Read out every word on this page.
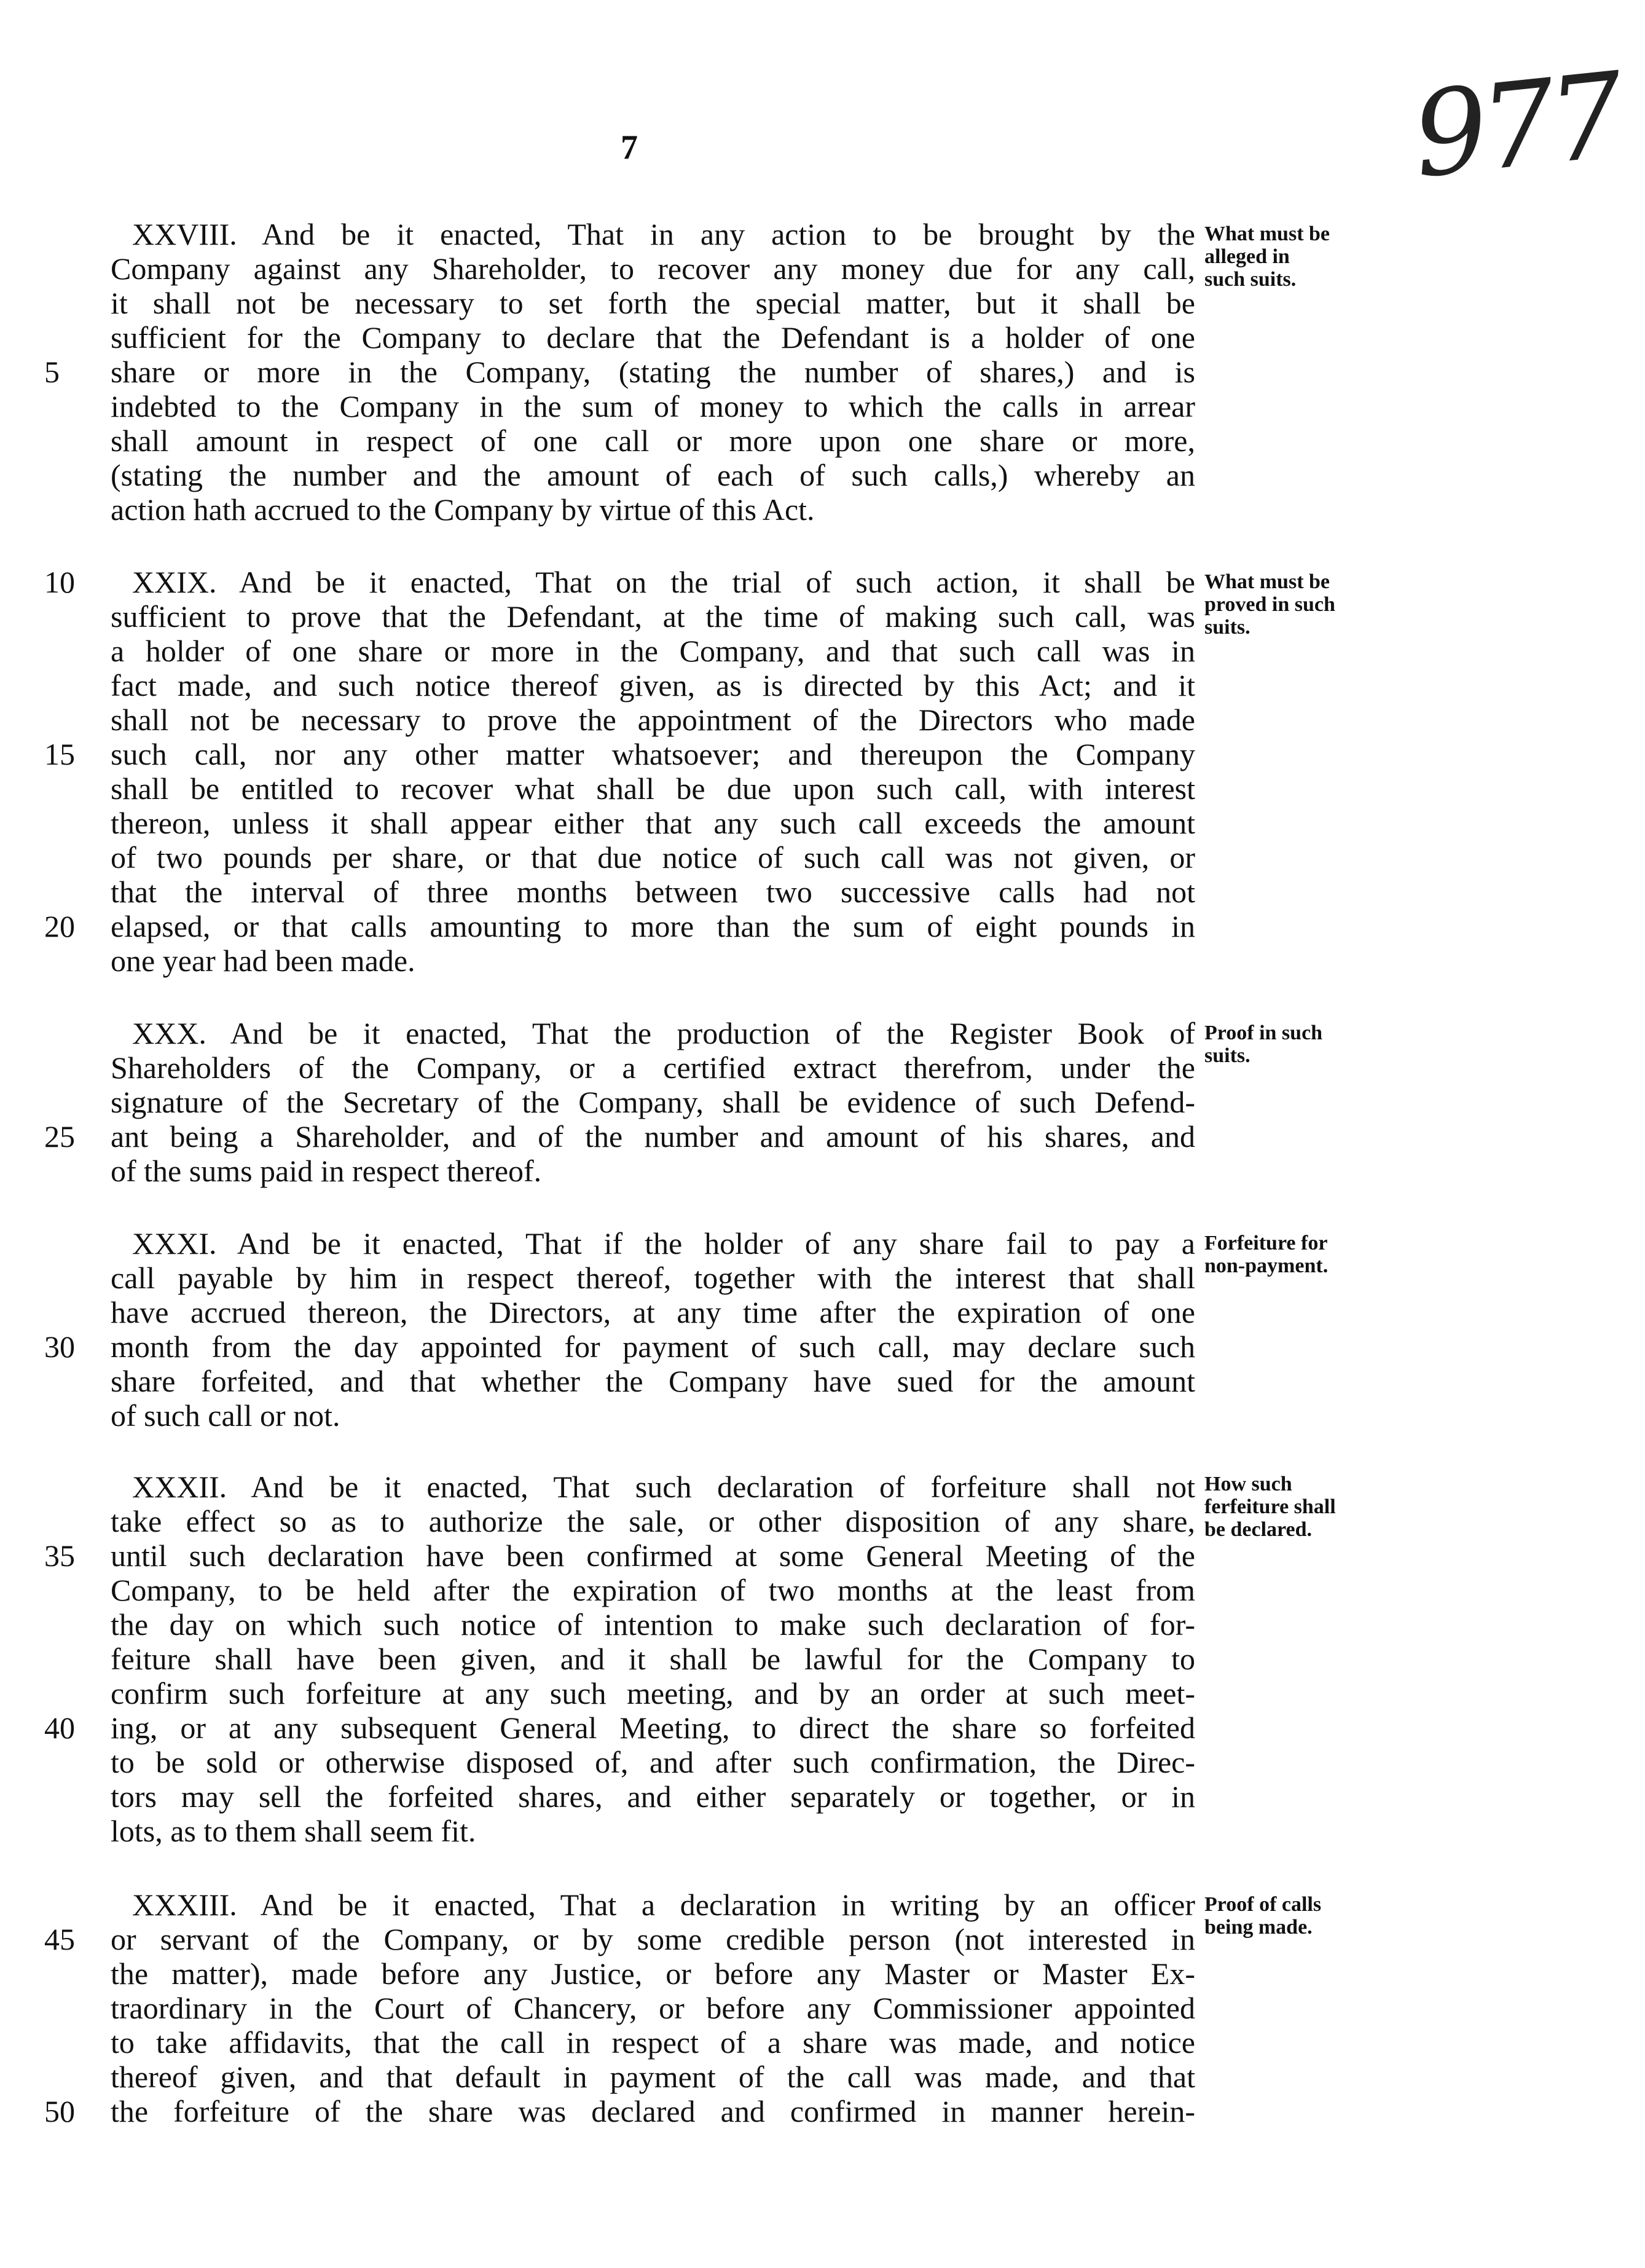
7	977
What must be
alleged in
such suits.
XXVIII. And be it enacted, That in any action to be brought by the
Company against any Shareholder, to recover any money due for any call,
it shall not be necessary to set forth the special matter, but it shall be
sufficient for the Company to declare that the Defendant is a holder of one
5	share or more in the Company, (stating the number of shares,) and is
indebted to the Company in the sum of money to which the calls in arrear
shall amount in respect of one call or more upon one share or more,
(stating the number and the amount of each of such calls,) whereby an
action hath accrued to the Company by virtue of this Act.
What must be
proved in such
suits.
10	XXIX. And be it enacted, That on the trial of such action, it shall be
sufficient to prove that the Defendant, at the time of making such call, was
a holder of one share or more in the Company, and that such call was in
fact made, and such notice thereof given, as is directed by this Act; and it
shall not be necessary to prove the appointment of the Directors who made
15	such call, nor any other matter whatsoever; and thereupon the Company
shall be entitled to recover what shall be due upon such call, with interest
thereon, unless it shall appear either that any such call exceeds the amount
of two pounds per share, or that due notice of such call was not given, or
that the interval of three months between two successive calls had not
20	elapsed, or that calls amounting to more than the sum of eight pounds in
one year had been made.
Proof in such
suits.
XXX. And be it enacted, That the production of the Register Book of
Shareholders of the Company, or a certified extract therefrom, under the
signature of the Secretary of the Company, shall be evidence of such Defend-
25	ant being a Shareholder, and of the number and amount of his shares, and
of the sums paid in respect thereof.
Forfeiture for
non-payment.
XXXI. And be it enacted, That if the holder of any share fail to pay a
call payable by him in respect thereof, together with the interest that shall
have accrued thereon, the Directors, at any time after the expiration of one
30	month from the day appointed for payment of such call, may declare such
share forfeited, and that whether the Company have sued for the amount
of such call or not.
How such
ferfeiture shall
be declared.
XXXII. And be it enacted, That such declaration of forfeiture shall not
take effect so as to authorize the sale, or other disposition of any share,
35	until such declaration have been confirmed at some General Meeting of the
Company, to be held after the expiration of two months at the least from
the day on which such notice of intention to make such declaration of for-
feiture shall have been given, and it shall be lawful for the Company to
confirm such forfeiture at any such meeting, and by an order at such meet-
40	ing, or at any subsequent General Meeting, to direct the share so forfeited
to be sold or otherwise disposed of, and after such confirmation, the Direc-
tors may sell the forfeited shares, and either separately or together, or in
lots, as to them shall seem fit.
Proof of calls
being made.
XXXIII. And be it enacted, That a declaration in writing by an officer
45	or servant of the Company, or by some credible person (not interested in
the matter), made before any Justice, or before any Master or Master Ex-
traordinary in the Court of Chancery, or before any Commissioner appointed
to take affidavits, that the call in respect of a share was made, and notice
thereof given, and that default in payment of the call was made, and that
50	the forfeiture of the share was declared and confirmed in manner herein-
